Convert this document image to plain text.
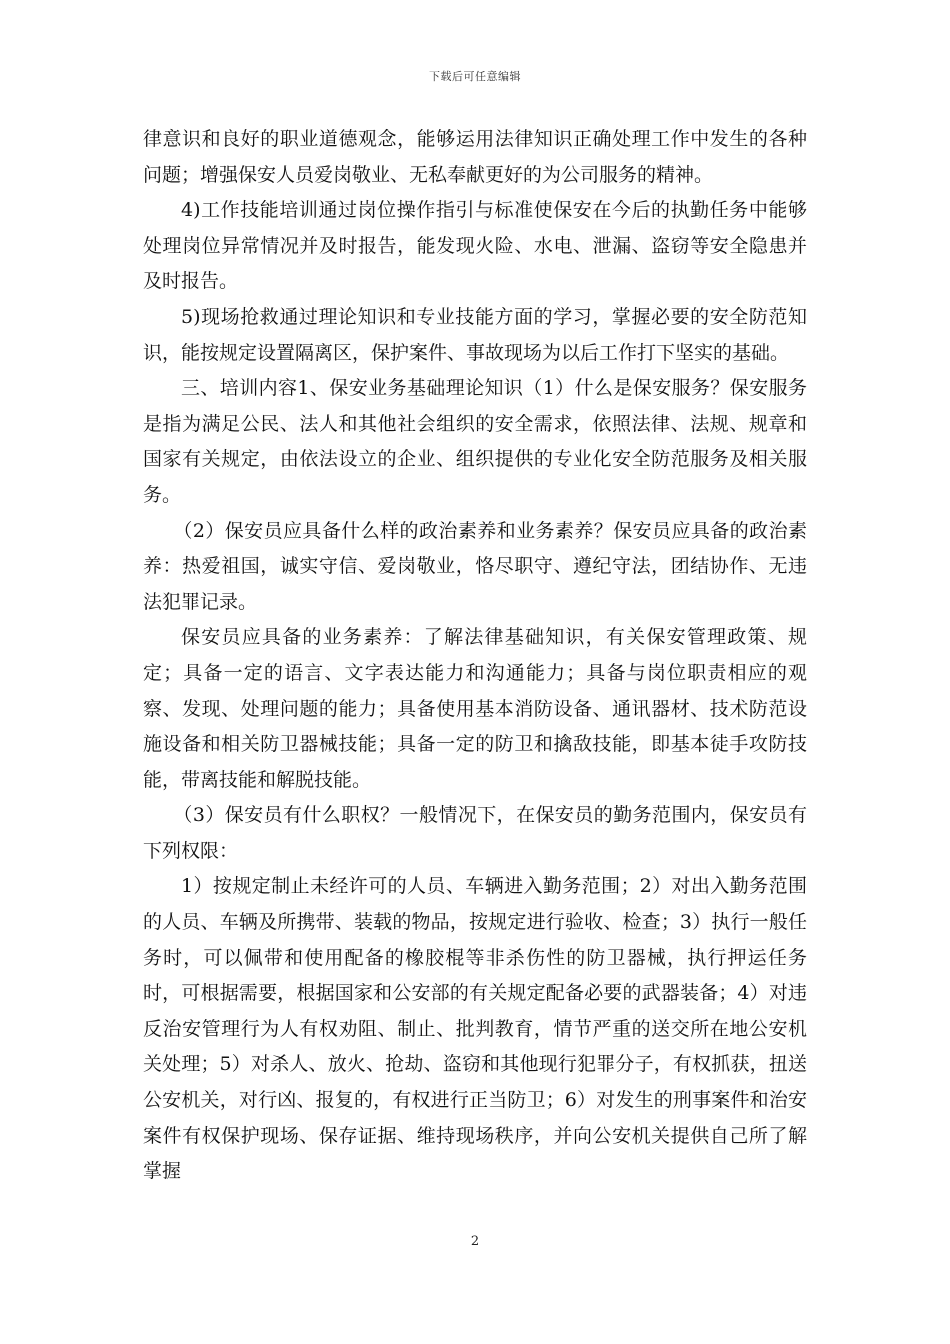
下载后可任意编辑

律意识和良好的职业道德观念，能够运用法律知识正确处理工作中发生的各种问题；增强保安人员爱岗敬业、无私奉献更好的为公司服务的精神。

4)工作技能培训通过岗位操作指引与标准使保安在今后的执勤任务中能够处理岗位异常情况并及时报告，能发现火险、水电、泄漏、盗窃等安全隐患并及时报告。

5)现场抢救通过理论知识和专业技能方面的学习，掌握必要的安全防范知识，能按规定设置隔离区，保护案件、事故现场为以后工作打下坚实的基础。

三、培训内容1、保安业务基础理论知识（1）什么是保安服务？保安服务是指为满足公民、法人和其他社会组织的安全需求，依照法律、法规、规章和国家有关规定，由依法设立的企业、组织提供的专业化安全防范服务及相关服务。

（2）保安员应具备什么样的政治素养和业务素养？保安员应具备的政治素养：热爱祖国，诚实守信、爱岗敬业，恪尽职守、遵纪守法，团结协作、无违法犯罪记录。

保安员应具备的业务素养：了解法律基础知识，有关保安管理政策、规定；具备一定的语言、文字表达能力和沟通能力；具备与岗位职责相应的观察、发现、处理问题的能力；具备使用基本消防设备、通讯器材、技术防范设施设备和相关防卫器械技能；具备一定的防卫和擒敌技能，即基本徒手攻防技能，带离技能和解脱技能。

（3）保安员有什么职权？一般情况下，在保安员的勤务范围内，保安员有下列权限：

1）按规定制止未经许可的人员、车辆进入勤务范围；2）对出入勤务范围的人员、车辆及所携带、装载的物品，按规定进行验收、检查；3）执行一般任务时，可以佩带和使用配备的橡胶棍等非杀伤性的防卫器械，执行押运任务时，可根据需要，根据国家和公安部的有关规定配备必要的武器装备；4）对违反治安管理行为人有权劝阻、制止、批判教育，情节严重的送交所在地公安机关处理；5）对杀人、放火、抢劫、盗窃和其他现行犯罪分子，有权抓获，扭送公安机关，对行凶、报复的，有权进行正当防卫；6）对发生的刑事案件和治安案件有权保护现场、保存证据、维持现场秩序，并向公安机关提供自己所了解掌握

2
